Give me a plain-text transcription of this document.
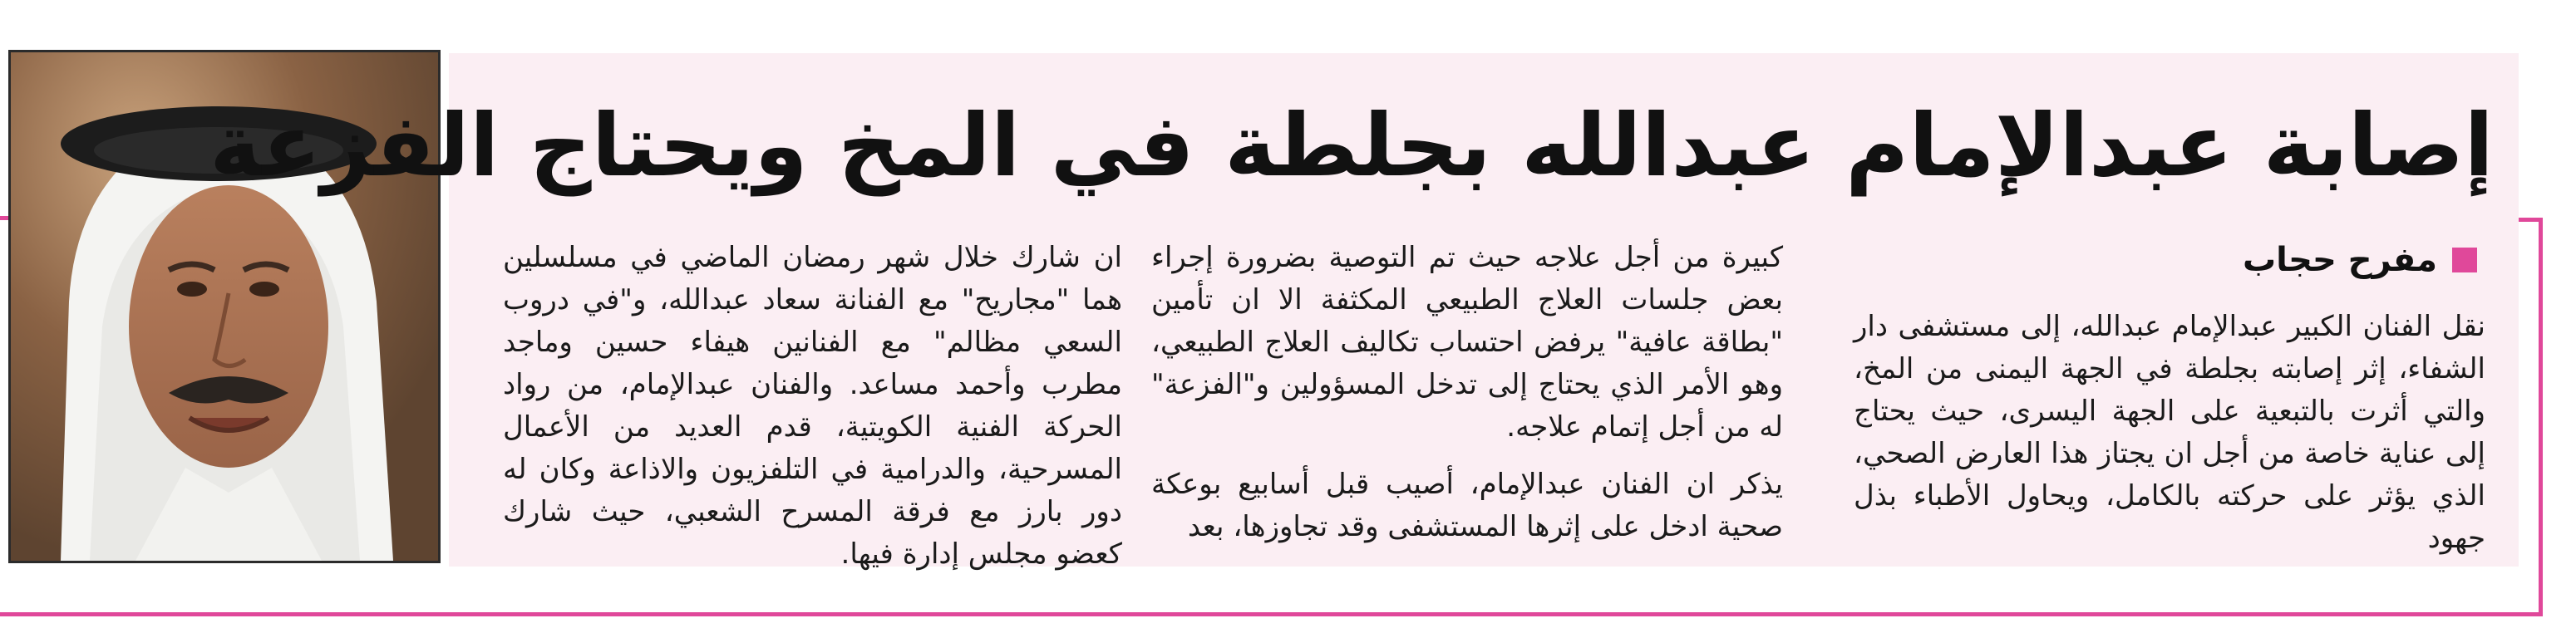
إصابة عبدالإمام عبدالله بجلطة في المخ ويحتاج الفزعة
مفرح حجاب
نقل الفنان الكبير عبدالإمام عبدالله، إلى مستشفى دار الشفاء، إثر إصابته بجلطة في الجهة اليمنى من المخ، والتي أثرت بالتبعية على الجهة اليسرى، حيث يحتاج إلى عناية خاصة من أجل ان يجتاز هذا العارض الصحي، الذي يؤثر على حركته بالكامل، ويحاول الأطباء بذل جهود
كبيرة من أجل علاجه حيث تم التوصية بضرورة إجراء بعض جلسات العلاج الطبيعي المكثفة الا ان تأمين "بطاقة عافية" يرفض احتساب تكاليف العلاج الطبيعي، وهو الأمر الذي يحتاج إلى تدخل المسؤولين و"الفزعة" له من أجل إتمام علاجه.
يذكر ان الفنان عبدالإمام، أصيب قبل أسابيع بوعكة صحية ادخل على إثرها المستشفى وقد تجاوزها، بعد
ان شارك خلال شهر رمضان الماضي في مسلسلين هما "مجاريح" مع الفنانة سعاد عبدالله، و"في دروب السعي مظالم" مع الفنانين هيفاء حسين وماجد مطرب وأحمد مساعد. والفنان عبدالإمام، من رواد الحركة الفنية الكويتية، قدم العديد من الأعمال المسرحية، والدرامية في التلفزيون والاذاعة وكان له دور بارز مع فرقة المسرح الشعبي، حيث شارك كعضو مجلس إدارة فيها.
